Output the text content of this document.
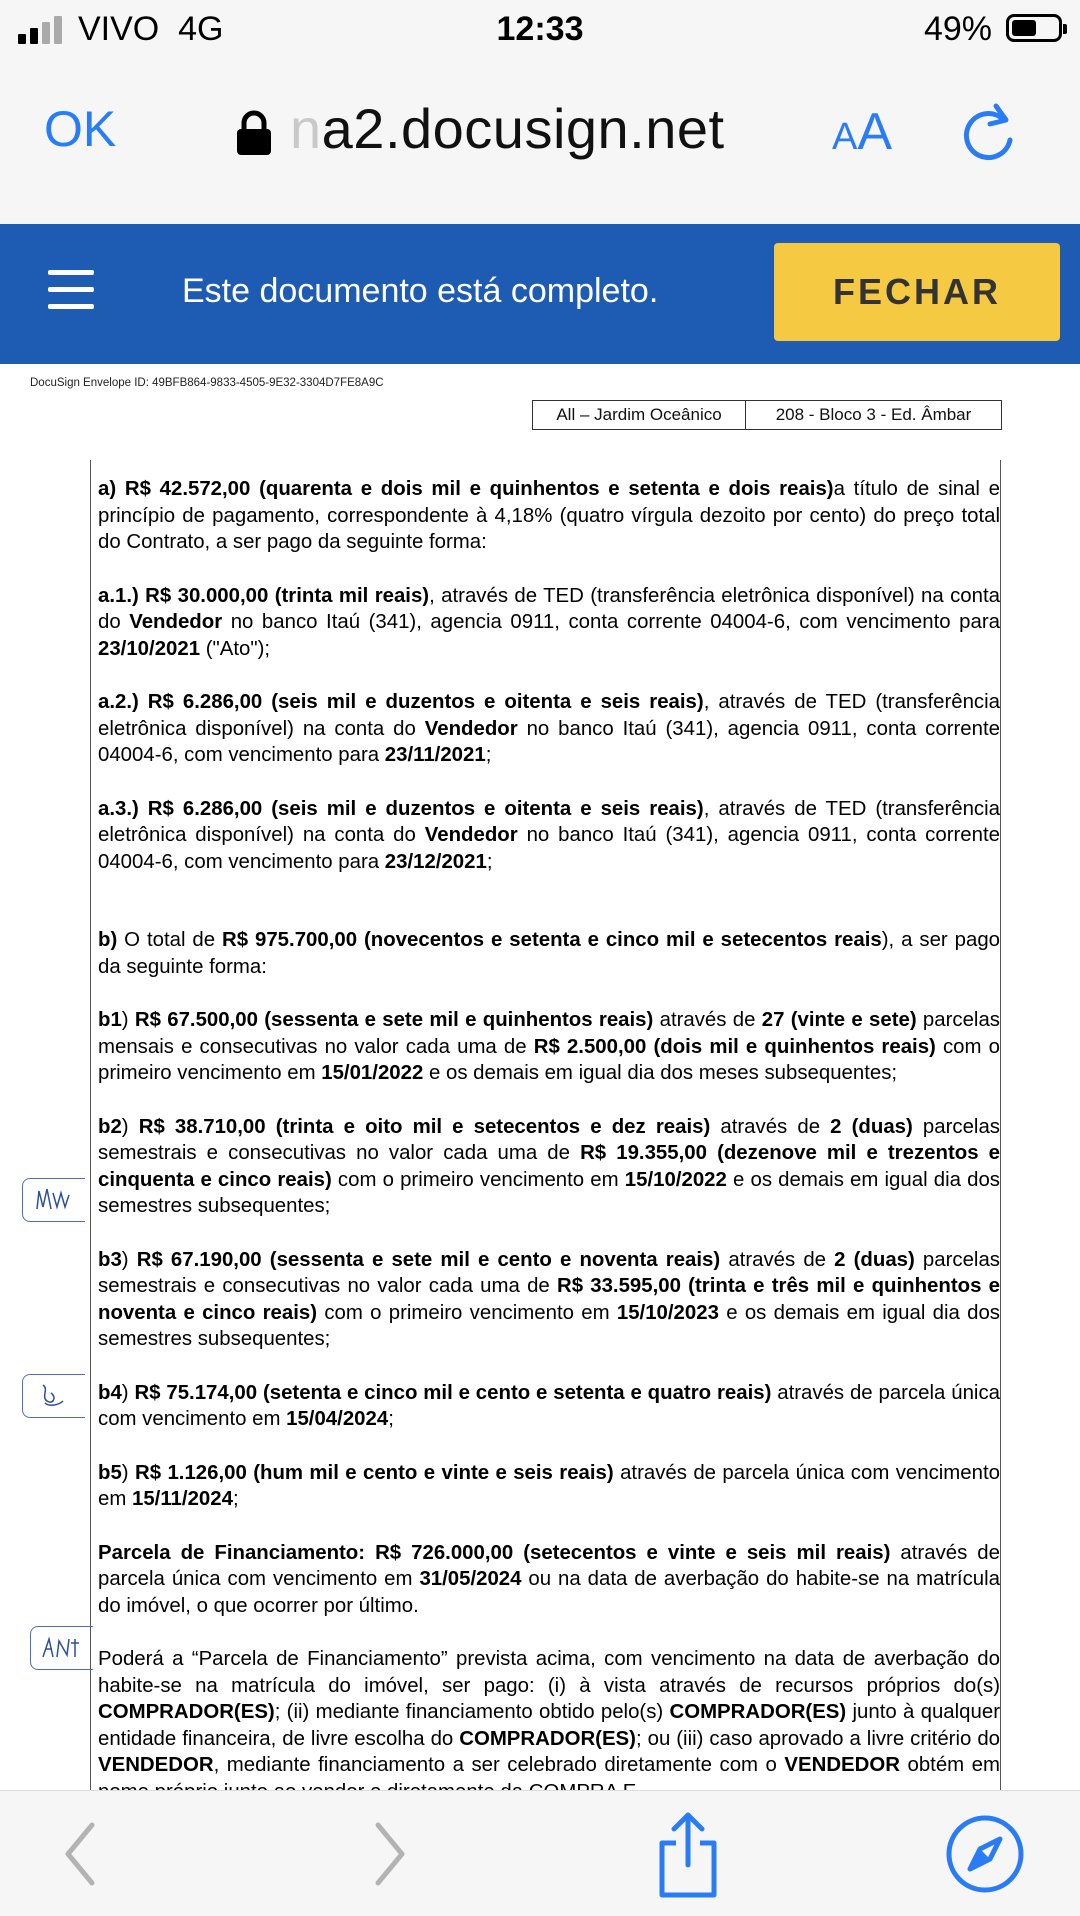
VIVO  4G	12:33	49%
OK	na2.docusign.net	AA
Este documento está completo.	FECHAR
DocuSign Envelope ID: 49BFB864-9833-4505-9E32-3304D7FE8A9C
All – Jardim Oceânico	208 - Bloco 3 - Ed. Âmbar

a) R$ 42.572,00 (quarenta e dois mil e quinhentos e setenta e dois reais)a título de sinal e princípio de pagamento, correspondente à 4,18% (quatro vírgula dezoito por cento) do preço total do Contrato, a ser pago da seguinte forma:

a.1.) R$ 30.000,00 (trinta mil reais), através de TED (transferência eletrônica disponível) na conta do Vendedor no banco Itaú (341), agencia 0911, conta corrente 04004-6, com vencimento para 23/10/2021 ("Ato");

a.2.) R$ 6.286,00 (seis mil e duzentos e oitenta e seis reais), através de TED (transferência eletrônica disponível) na conta do Vendedor no banco Itaú (341), agencia 0911, conta corrente 04004-6, com vencimento para 23/11/2021;

a.3.) R$ 6.286,00 (seis mil e duzentos e oitenta e seis reais), através de TED (transferência eletrônica disponível) na conta do Vendedor no banco Itaú (341), agencia 0911, conta corrente 04004-6, com vencimento para 23/12/2021;

b) O total de R$ 975.700,00 (novecentos e setenta e cinco mil e setecentos reais), a ser pago da seguinte forma:

b1) R$ 67.500,00 (sessenta e sete mil e quinhentos reais) através de 27 (vinte e sete) parcelas mensais e consecutivas no valor cada uma de R$ 2.500,00 (dois mil e quinhentos reais) com o primeiro vencimento em 15/01/2022 e os demais em igual dia dos meses subsequentes;

b2) R$ 38.710,00 (trinta e oito mil e setecentos e dez reais) através de 2 (duas) parcelas semestrais e consecutivas no valor cada uma de R$ 19.355,00 (dezenove mil e trezentos e cinquenta e cinco reais) com o primeiro vencimento em 15/10/2022 e os demais em igual dia dos semestres subsequentes;

b3) R$ 67.190,00 (sessenta e sete mil e cento e noventa reais) através de 2 (duas) parcelas semestrais e consecutivas no valor cada uma de R$ 33.595,00 (trinta e três mil e quinhentos e noventa e cinco reais) com o primeiro vencimento em 15/10/2023 e os demais em igual dia dos semestres subsequentes;

b4) R$ 75.174,00 (setenta e cinco mil e cento e setenta e quatro reais) através de parcela única com vencimento em 15/04/2024;

b5) R$ 1.126,00 (hum mil e cento e vinte e seis reais) através de parcela única com vencimento em 15/11/2024;

Parcela de Financiamento: R$ 726.000,00 (setecentos e vinte e seis mil reais) através de parcela única com vencimento em 31/05/2024 ou na data de averbação do habite-se na matrícula do imóvel, o que ocorrer por último.

Poderá a “Parcela de Financiamento” prevista acima, com vencimento na data de averbação do habite-se na matrícula do imóvel, ser pago: (i) à vista através de recursos próprios do(s) COMPRADOR(ES); (ii) mediante financiamento obtido pelo(s) COMPRADOR(ES) junto à qualquer entidade financeira, de livre escolha do COMPRADOR(ES); ou (iii) caso aprovado a livre critério do VENDEDOR, mediante financiamento a ser celebrado diretamente com o VENDEDOR obtém em
